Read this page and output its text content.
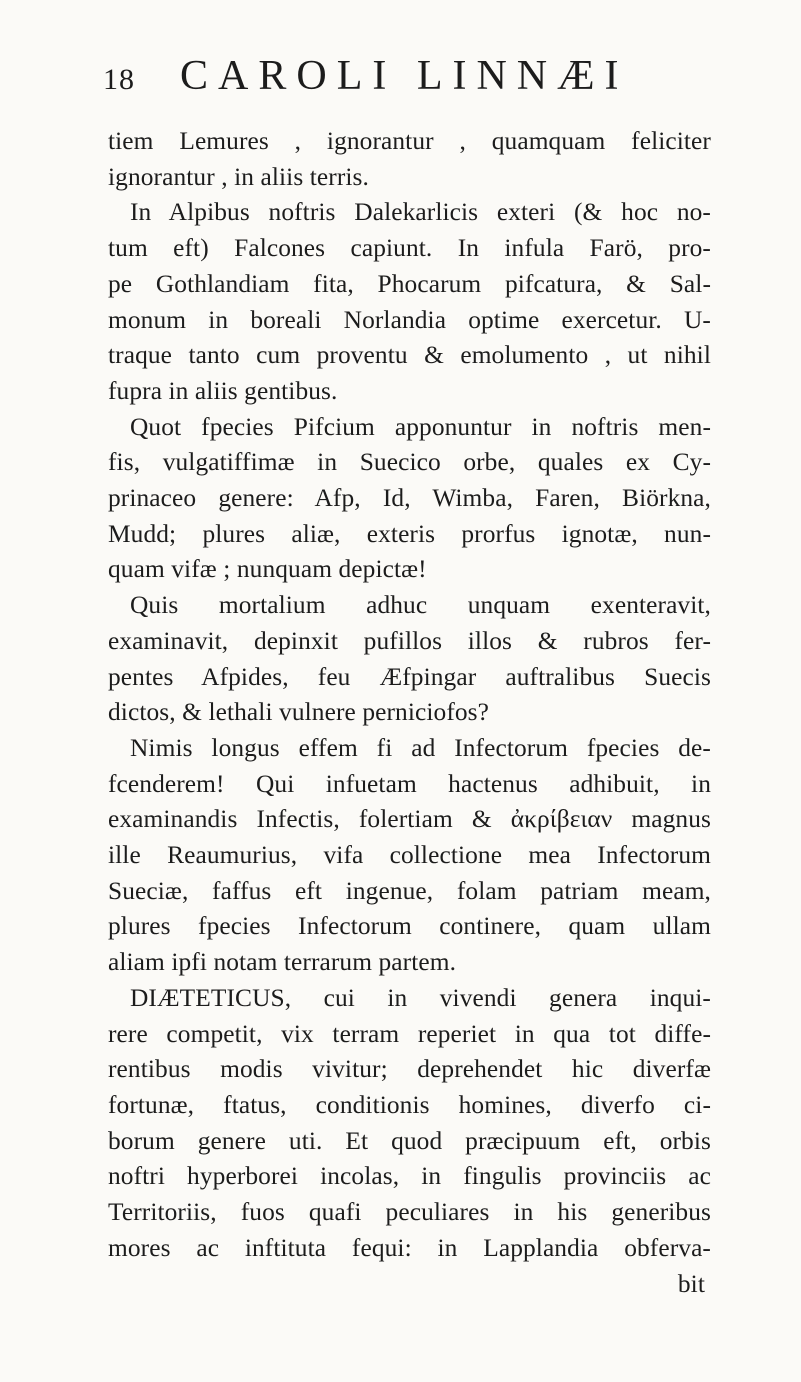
18	CAROLI LINNÆI
tiem Lemures , ignorantur , quamquam feliciter
ignorantur , in aliis terris.
In Alpibus noftris Dalekarlicis exteri (& hoc no-
tum eft) Falcones capiunt. In infula Farö, pro-
pe Gothlandiam fita, Phocarum pifcatura, & Sal-
monum in boreali Norlandia optime exercetur. U-
traque tanto cum proventu & emolumento , ut nihil
fupra in aliis gentibus.
Quot fpecies Pifcium apponuntur in noftris men-
fis, vulgatiffimæ in Suecico orbe, quales ex Cy-
prinaceo genere: Afp, Id, Wimba, Faren, Biörkna,
Mudd; plures aliæ, exteris prorfus ignotæ, nun-
quam vifæ ; nunquam depictæ!
Quis mortalium adhuc unquam exenteravit,
examinavit, depinxit pufillos illos & rubros fer-
pentes Afpides, feu Æfpingar auftralibus Suecis
dictos, & lethali vulnere perniciofos?
Nimis longus effem fi ad Infectorum fpecies de-
fcenderem! Qui infuetam hactenus adhibuit, in
examinandis Infectis, folertiam & ἀκρίβειαν magnus
ille Reaumurius, vifa collectione mea Infectorum
Sueciæ, faffus eft ingenue, folam patriam meam,
plures fpecies Infectorum continere, quam ullam
aliam ipfi notam terrarum partem.
DIÆTETICUS, cui in vivendi genera inqui-
rere competit, vix terram reperiet in qua tot diffe-
rentibus modis vivitur; deprehendet hic diverfæ
fortunæ, ftatus, conditionis homines, diverfo ci-
borum genere uti. Et quod præcipuum eft, orbis
noftri hyperborei incolas, in fingulis provinciis ac
Territoriis, fuos quafi peculiares in his generibus
mores ac inftituta fequi: in Lapplandia obferva-
bit
